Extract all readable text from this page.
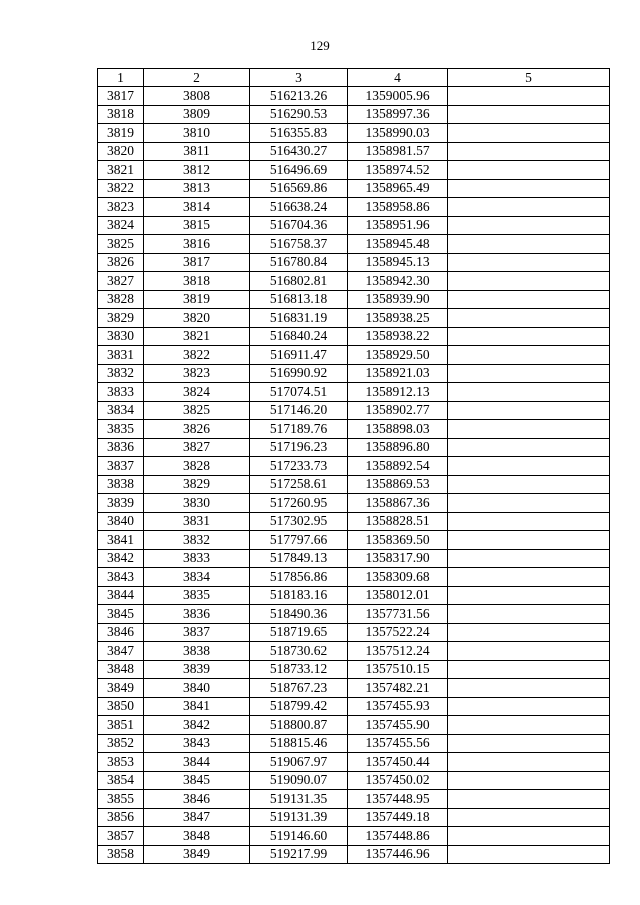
129
1	2	3	4	5
3817	3808	516213.26	1359005.96	
3818	3809	516290.53	1358997.36	
3819	3810	516355.83	1358990.03	
3820	3811	516430.27	1358981.57	
3821	3812	516496.69	1358974.52	
3822	3813	516569.86	1358965.49	
3823	3814	516638.24	1358958.86	
3824	3815	516704.36	1358951.96	
3825	3816	516758.37	1358945.48	
3826	3817	516780.84	1358945.13	
3827	3818	516802.81	1358942.30	
3828	3819	516813.18	1358939.90	
3829	3820	516831.19	1358938.25	
3830	3821	516840.24	1358938.22	
3831	3822	516911.47	1358929.50	
3832	3823	516990.92	1358921.03	
3833	3824	517074.51	1358912.13	
3834	3825	517146.20	1358902.77	
3835	3826	517189.76	1358898.03	
3836	3827	517196.23	1358896.80	
3837	3828	517233.73	1358892.54	
3838	3829	517258.61	1358869.53	
3839	3830	517260.95	1358867.36	
3840	3831	517302.95	1358828.51	
3841	3832	517797.66	1358369.50	
3842	3833	517849.13	1358317.90	
3843	3834	517856.86	1358309.68	
3844	3835	518183.16	1358012.01	
3845	3836	518490.36	1357731.56	
3846	3837	518719.65	1357522.24	
3847	3838	518730.62	1357512.24	
3848	3839	518733.12	1357510.15	
3849	3840	518767.23	1357482.21	
3850	3841	518799.42	1357455.93	
3851	3842	518800.87	1357455.90	
3852	3843	518815.46	1357455.56	
3853	3844	519067.97	1357450.44	
3854	3845	519090.07	1357450.02	
3855	3846	519131.35	1357448.95	
3856	3847	519131.39	1357449.18	
3857	3848	519146.60	1357448.86	
3858	3849	519217.99	1357446.96	
